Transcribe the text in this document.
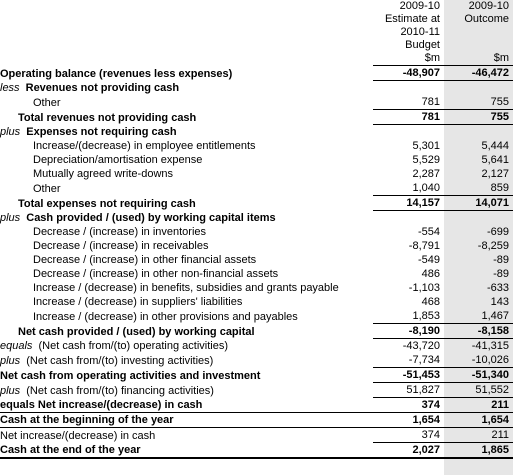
	2009-10	2009-10
	Estimate at	Outcome
	2010-11	
	Budget	
	$m	$m
Operating balance (revenues less expenses)	-48,907	-46,472
less Revenues not providing cash		
Other	781	755
Total revenues not providing cash	781	755
plus Expenses not requiring cash		
Increase/(decrease) in employee entitlements	5,301	5,444
Depreciation/amortisation expense	5,529	5,641
Mutually agreed write-downs	2,287	2,127
Other	1,040	859
Total expenses not requiring cash	14,157	14,071
plus Cash provided / (used) by working capital items		
Decrease / (increase) in inventories	-554	-699
Decrease / (increase) in receivables	-8,791	-8,259
Decrease / (increase) in other financial assets	-549	-89
Decrease / (increase) in other non-financial assets	486	-89
Increase / (decrease) in benefits, subsidies and grants payable	-1,103	-633
Increase / (decrease) in suppliers' liabilities	468	143
Increase / (decrease) in other provisions and payables	1,853	1,467
Net cash provided / (used) by working capital	-8,190	-8,158
equals (Net cash from/(to) operating activities)	-43,720	-41,315
plus (Net cash from/(to) investing activities)	-7,734	-10,026
Net cash from operating activities and investment	-51,453	-51,340
plus (Net cash from/(to) financing activities)	51,827	51,552
equals Net increase/(decrease) in cash	374	211
Cash at the beginning of the year	1,654	1,654
Net increase/(decrease) in cash	374	211
Cash at the end of the year	2,027	1,865
